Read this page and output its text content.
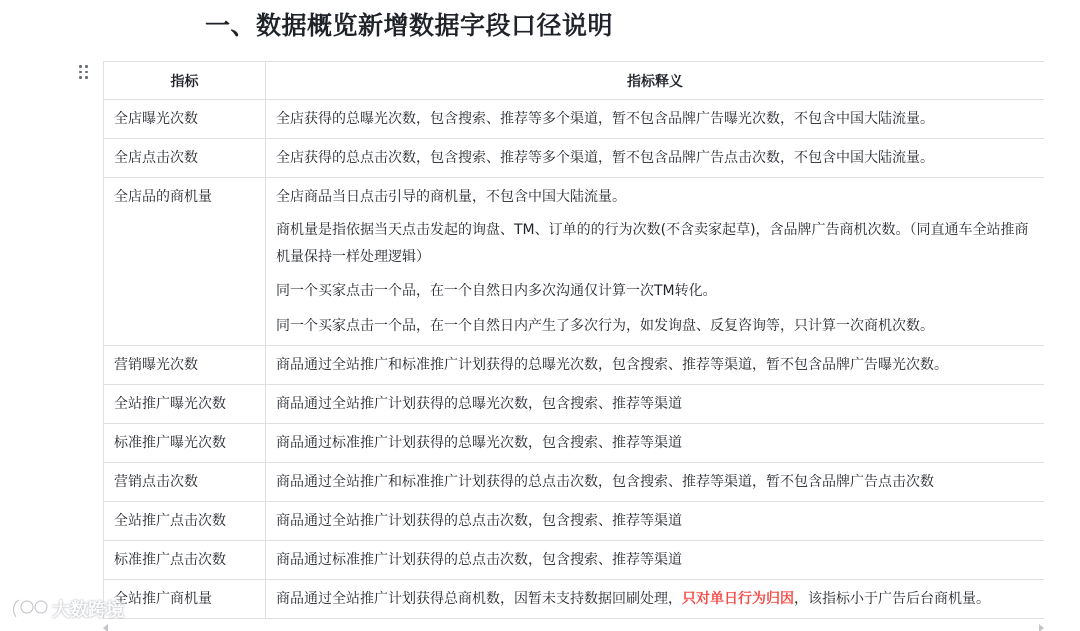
一、数据概览新增数据字段口径说明
指标	指标释义
全店曝光次数	全店获得的总曝光次数，包含搜索、推荐等多个渠道，暂不包含品牌广告曝光次数，不包含中国大陆流量。

全店点击次数	全店获得的总点击次数，包含搜索、推荐等多个渠道，暂不包含品牌广告点击次数，不包含中国大陆流量。

全店品的商机量	全店商品当日点击引导的商机量，不包含中国大陆流量。

商机量是指依据当天点击发起的询盘、TM、订单的的行为次数(不含卖家起草)，含品牌广告商机次数。（同直通车全站推商机量保持一样处理逻辑）

同一个买家点击一个品，在一个自然日内多次沟通仅计算一次TM转化。

同一个买家点击一个品，在一个自然日内产生了多次行为，如发询盘、反复咨询等，只计算一次商机次数。

营销曝光次数	商品通过全站推广和标准推广计划获得的总曝光次数，包含搜索、推荐等渠道，暂不包含品牌广告曝光次数。

全站推广曝光次数	商品通过全站推广计划获得的总曝光次数，包含搜索、推荐等渠道

标准推广曝光次数	商品通过标准推广计划获得的总曝光次数，包含搜索、推荐等渠道

营销点击次数	商品通过全站推广和标准推广计划获得的总点击次数，包含搜索、推荐等渠道，暂不包含品牌广告点击次数

全站推广点击次数	商品通过全站推广计划获得的总点击次数，包含搜索、推荐等渠道

标准推广点击次数	商品通过标准推广计划获得的总点击次数，包含搜索、推荐等渠道

全站推广商机量	商品通过全站推广计划获得总商机数，因暂未支持数据回刷处理，只对单日行为归因，该指标小于广告后台商机量。

大数跨境
